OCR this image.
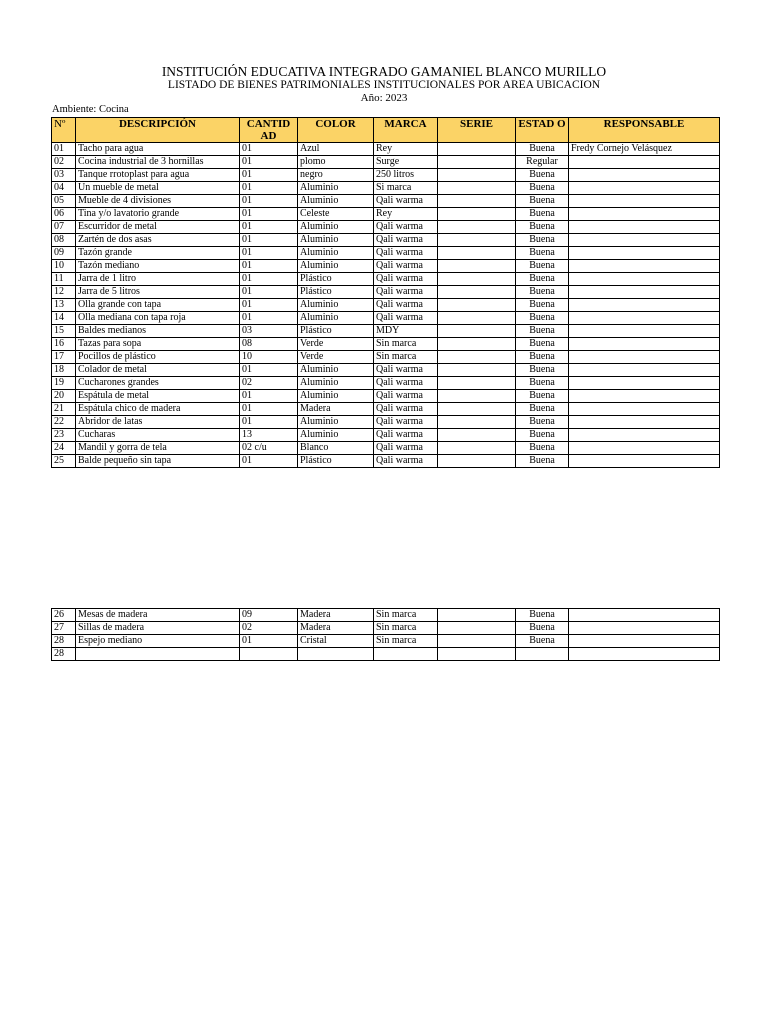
INSTITUCIÓN EDUCATIVA INTEGRADO GAMANIEL BLANCO MURILLO
LISTADO DE BIENES PATRIMONIALES INSTITUCIONALES POR AREA UBICACION
Año: 2023
Ambiente: Cocina
Nº	DESCRIPCIÓN	CANTID AD	COLOR	MARCA	SERIE	ESTAD O	RESPONSABLE
01	Tacho para agua	01	Azul	Rey		Buena	Fredy Cornejo Velásquez
02	Cocina industrial de 3 hornillas	01	plomo	Surge		Regular	
03	Tanque rrotoplast para agua	01	negro	250 litros		Buena	
04	Un mueble de metal	01	Aluminio	Si marca		Buena	
05	Mueble de 4 divisiones	01	Aluminio	Qali warma		Buena	
06	Tina y/o lavatorio grande	01	Celeste	Rey		Buena	
07	Escurridor de metal	01	Aluminio	Qali warma		Buena	
08	Zartén de dos asas	01	Aluminio	Qali warma		Buena	
09	Tazón grande	01	Aluminio	Qali warma		Buena	
10	Tazón mediano	01	Aluminio	Qali warma		Buena	
11	Jarra de 1 litro	01	Plástico	Qali warma		Buena	
12	Jarra de 5 litros	01	Plástico	Qali warma		Buena	
13	Olla grande con tapa	01	Aluminio	Qali warma		Buena	
14	Olla mediana con tapa roja	01	Aluminio	Qali warma		Buena	
15	Baldes medianos	03	Plástico	MDY		Buena	
16	Tazas para sopa	08	Verde	Sin marca		Buena	
17	Pocillos de plástico	10	Verde	Sin marca		Buena	
18	Colador de metal	01	Aluminio	Qali warma		Buena	
19	Cucharones grandes	02	Aluminio	Qali warma		Buena	
20	Espátula de metal	01	Aluminio	Qali warma		Buena	
21	Espátula chico de madera	01	Madera	Qali warma		Buena	
22	Abridor de latas	01	Aluminio	Qali warma		Buena	
23	Cucharas	13	Aluminio	Qali warma		Buena	
24	Mandil y gorra de tela	02 c/u	Blanco	Qali warma		Buena	
25	Balde pequeño sin tapa	01	Plástico	Qali warma		Buena	
26	Mesas de madera	09	Madera	Sin marca		Buena	
27	Sillas de madera	02	Madera	Sin marca		Buena	
28	Espejo mediano	01	Cristal	Sin marca		Buena	
28							
